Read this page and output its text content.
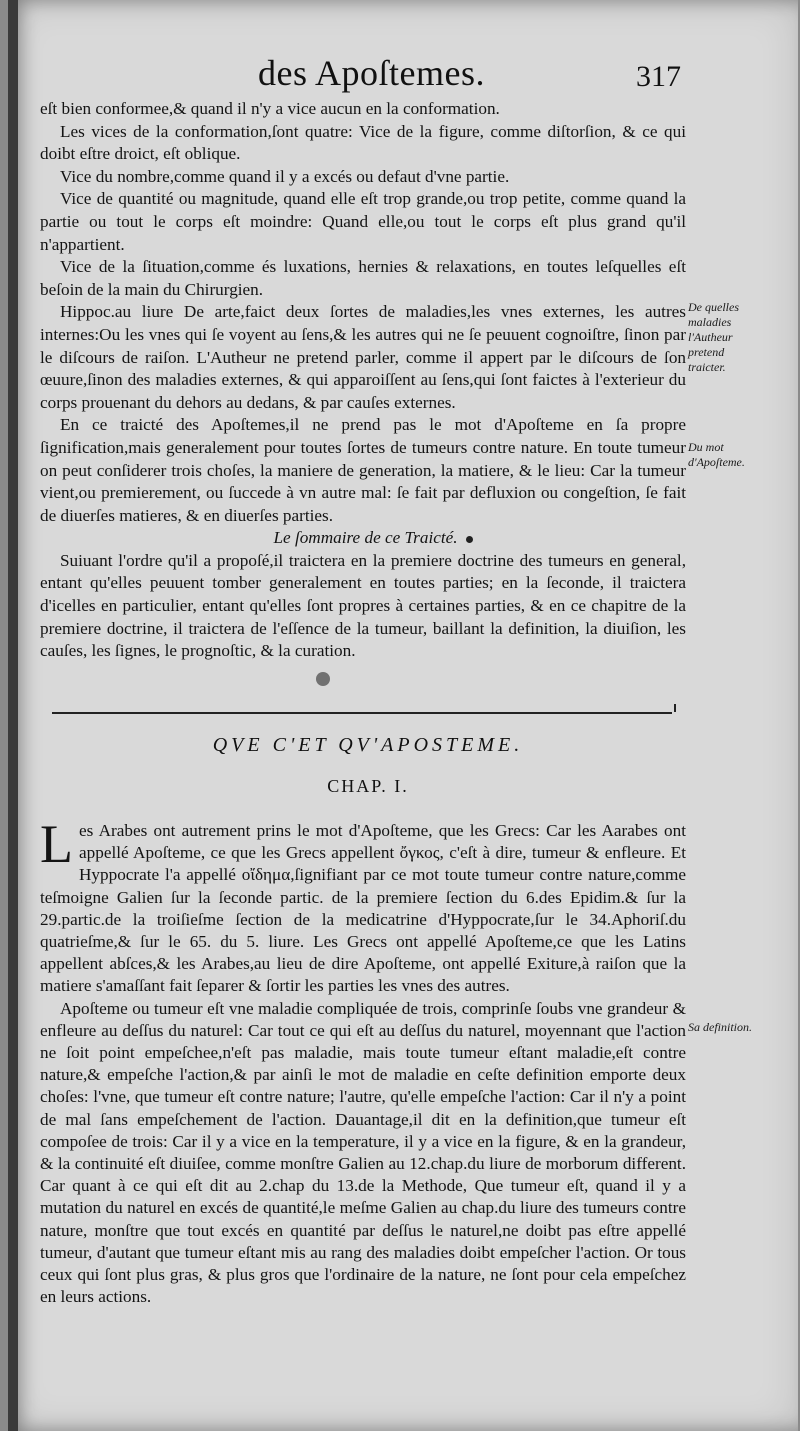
des Apoſtemes.	317

eſt bien conformee,& quand il n'y a vice aucun en la conformation.

Les vices de la conformation,ſont quatre: Vice de la figure, comme diſtorſion, & ce qui doibt eſtre droict, eſt oblique.

Vice du nombre,comme quand il y a excés ou defaut d'vne partie.

Vice de quantité ou magnitude, quand elle eſt trop grande,ou trop petite, comme quand la partie ou tout le corps eſt moindre: Quand elle,ou tout le corps eſt plus grand qu'il n'appartient.

Vice de la ſituation,comme és luxations, hernies & relaxations, en toutes leſquelles eſt beſoin de la main du Chirurgien.

Hippoc.au liure De arte,faict deux ſortes de maladies,les vnes externes, les autres internes:Ou les vnes qui ſe voyent au ſens,& les autres qui ne ſe peuuent cognoiſtre, ſinon par le diſcours de raiſon. L'Autheur ne pretend parler, comme il appert par le diſcours de ſon œuure,ſinon des maladies externes, & qui apparoiſſent au ſens,qui ſont faictes à l'exterieur du corps prouenant du dehors au dedans, & par cauſes externes.

En ce traicté des Apoſtemes,il ne prend pas le mot d'Apoſteme en ſa propre ſignification,mais generalement pour toutes ſortes de tumeurs contre nature. En toute tumeur on peut conſiderer trois choſes, la maniere de generation, la matiere, & le lieu: Car la tumeur vient,ou premierement, ou ſuccede à vn autre mal: ſe fait par defluxion ou congeſtion, ſe fait de diuerſes matieres, & en diuerſes parties.

Le ſommaire de ce Traicté.

Suiuant l'ordre qu'il a propoſé,il traictera en la premiere doctrine des tumeurs en general, entant qu'elles peuuent tomber generalement en toutes parties; en la ſeconde, il traictera d'icelles en particulier, entant qu'elles ſont propres à certaines parties, & en ce chapitre de la premiere doctrine, il traictera de l'eſſence de la tumeur, baillant la definition, la diuiſion, les cauſes, les ſignes, le prognoſtic, & la curation.

QVE C'ET QV'APOSTEME.
CHAP. I.

Les Arabes ont autrement prins le mot d'Apoſteme, que les Grecs: Car les Aarabes ont appellé Apoſteme, ce que les Grecs appellent ὄγκος, c'eſt à dire, tumeur & enfleure. Et Hyppocrate l'a appellé οἴδημα,ſignifiant par ce mot toute tumeur contre nature,comme teſmoigne Galien ſur la ſeconde partic. de la premiere ſection du 6.des Epidim.& ſur la 29.partic.de la troiſieſme ſection de la medicatrine d'Hyppocrate,ſur le 34.Aphoriſ.du quatrieſme,& ſur le 65. du 5. liure. Les Grecs ont appellé Apoſteme,ce que les Latins appellent abſces,& les Arabes,au lieu de dire Apoſteme, ont appellé Exiture,à raiſon que la matiere s'amaſſant fait ſeparer & ſortir les parties les vnes des autres.

Apoſteme ou tumeur eſt vne maladie compliquée de trois, comprinſe ſoubs vne grandeur & enfleure au deſſus du naturel: Car tout ce qui eſt au deſſus du naturel, moyennant que l'action ne ſoit point empeſchee,n'eſt pas maladie, mais toute tumeur eſtant maladie,eſt contre nature,& empeſche l'action,& par ainſi le mot de maladie en ceſte definition emporte deux choſes: l'vne, que tumeur eſt contre nature; l'autre, qu'elle empeſche l'action: Car il n'y a point de mal ſans empeſchement de l'action. Dauantage,il dit en la definition,que tumeur eſt compoſee de trois: Car il y a vice en la temperature, il y a vice en la figure, & en la grandeur, & la continuité eſt diuiſee, comme monſtre Galien au 12.chap.du liure de morborum different. Car quant à ce qui eſt dit au 2.chap du 13.de la Methode, Que tumeur eſt, quand il y a mutation du naturel en excés de quantité,le meſme Galien au chap.du liure des tumeurs contre nature, monſtre que tout excés en quantité par deſſus le naturel,ne doibt pas eſtre appellé tumeur, d'autant que tumeur eſtant mis au rang des maladies doibt empeſcher l'action. Or tous ceux qui ſont plus gras, & plus gros que l'ordinaire de la nature, ne ſont pour cela empeſchez en leurs actions.

De quelles maladies l'Autheur pretend traicter.
Du mot d'Apoſteme.
Sa definition.
